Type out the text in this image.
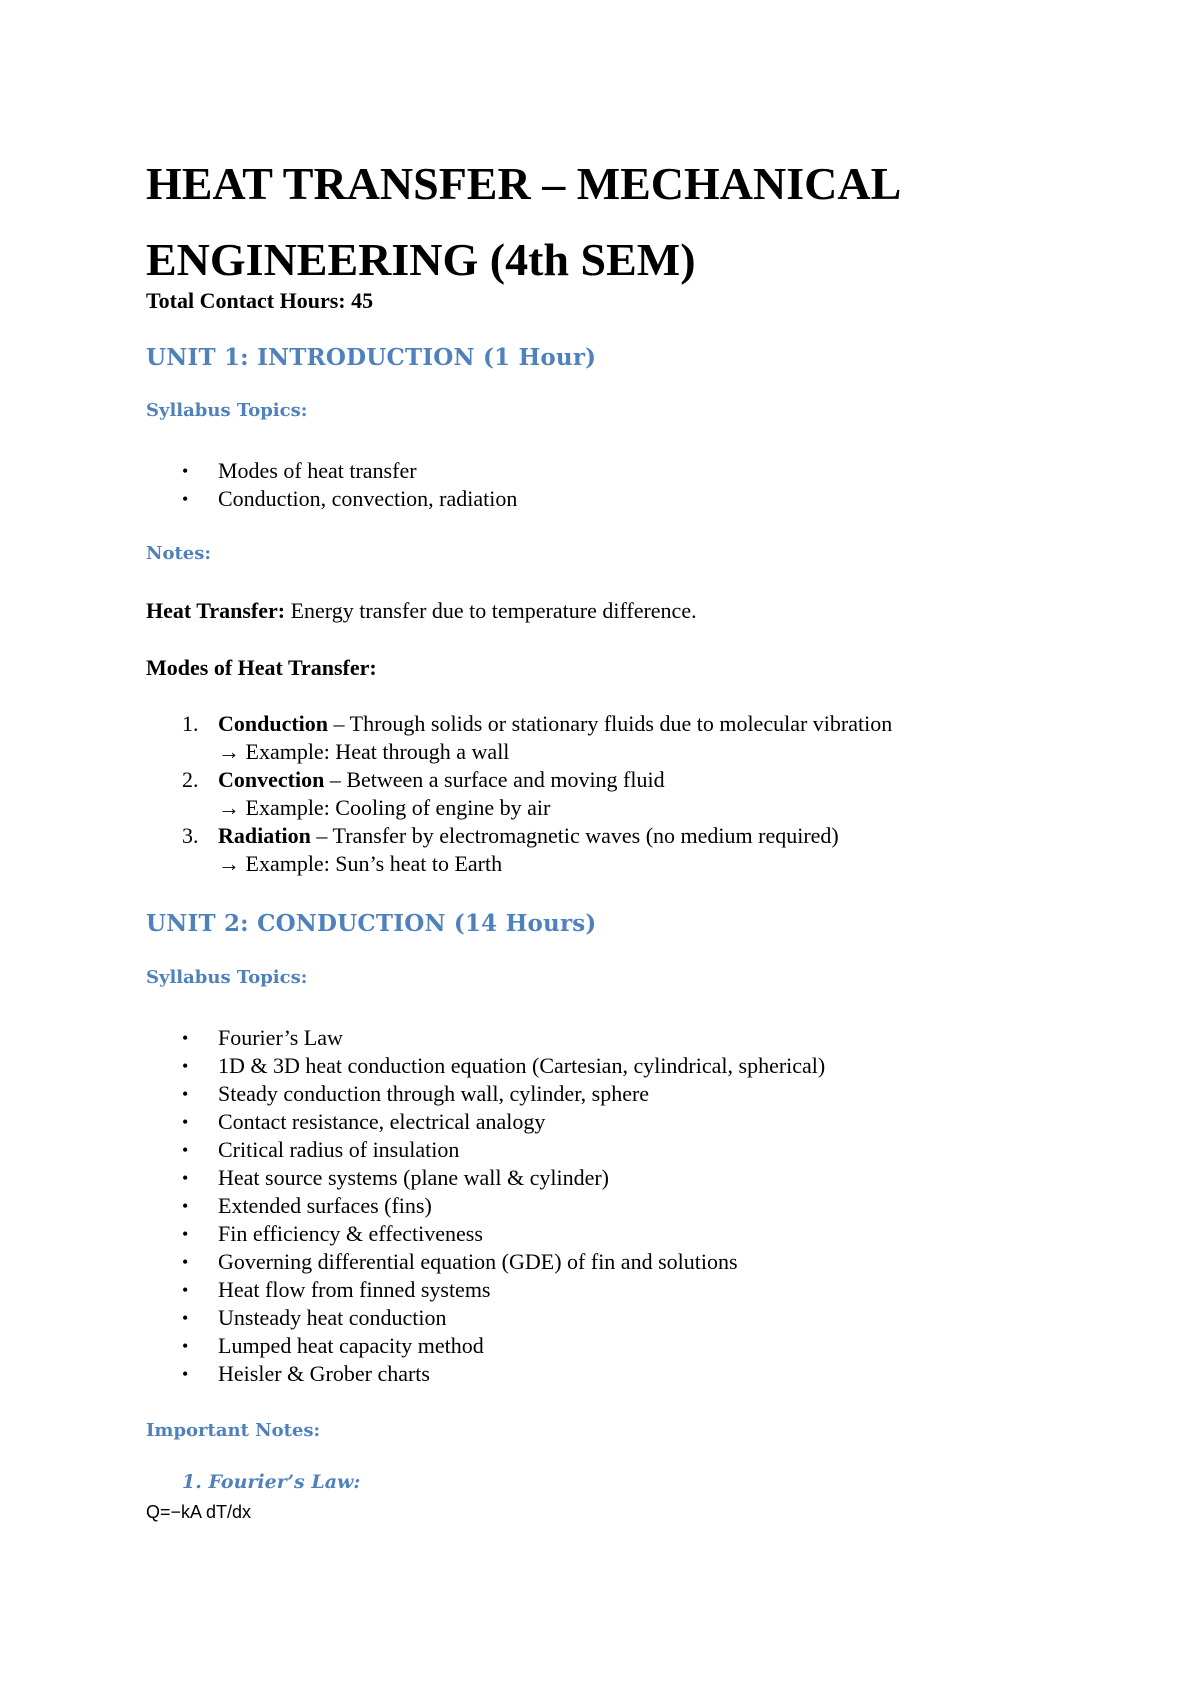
HEAT TRANSFER – MECHANICAL
ENGINEERING (4th SEM)

Total Contact Hours: 45

UNIT 1: INTRODUCTION (1 Hour)
Syllabus Topics:
• Modes of heat transfer
• Conduction, convection, radiation
Notes:

Heat Transfer: Energy transfer due to temperature difference.

Modes of Heat Transfer:

1. Conduction – Through solids or stationary fluids due to molecular vibration
→ Example: Heat through a wall
2. Convection – Between a surface and moving fluid
→ Example: Cooling of engine by air
3. Radiation – Transfer by electromagnetic waves (no medium required)
→ Example: Sun’s heat to Earth
UNIT 2: CONDUCTION (14 Hours)
Syllabus Topics:
• Fourier’s Law
• 1D & 3D heat conduction equation (Cartesian, cylindrical, spherical)
• Steady conduction through wall, cylinder, sphere
• Contact resistance, electrical analogy
• Critical radius of insulation
• Heat source systems (plane wall & cylinder)
• Extended surfaces (fins)
• Fin efficiency & effectiveness
• Governing differential equation (GDE) of fin and solutions
• Heat flow from finned systems
• Unsteady heat conduction
• Lumped heat capacity method
• Heisler & Grober charts
Important Notes:

1. Fourier’s Law:

Q=−kA dT/dx
